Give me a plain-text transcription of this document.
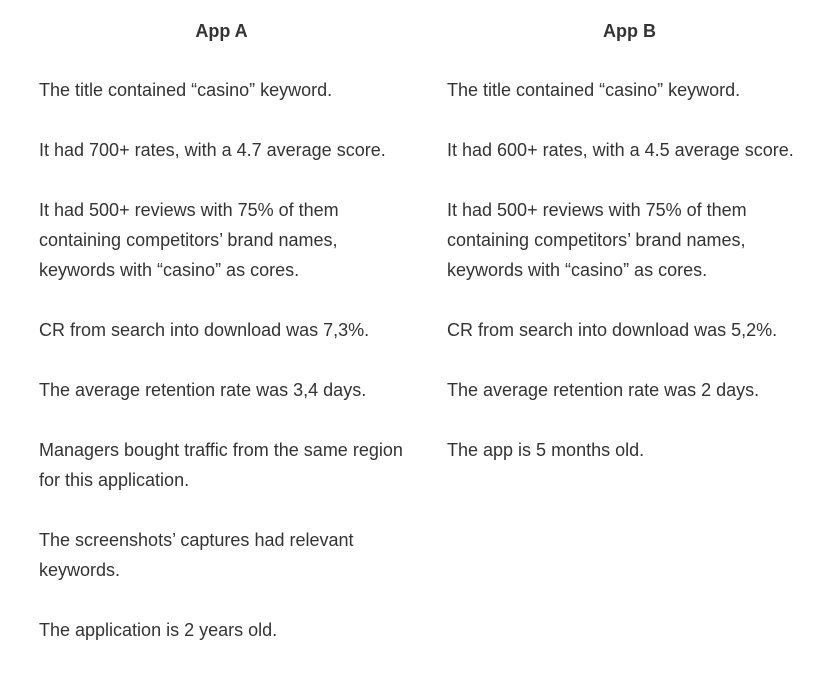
App A
The title contained “casino” keyword.
It had 700+ rates, with a 4.7 average score.
It had 500+ reviews with 75% of them containing competitors’ brand names, keywords with “casino” as cores.
CR from search into download was 7,3%.
The average retention rate was 3,4 days.
Managers bought traffic from the same region for this application.
The screenshots’ captures had relevant keywords.
The application is 2 years old.
App B
The title contained “casino” keyword.
It had 600+ rates, with a 4.5 average score.
It had 500+ reviews with 75% of them containing competitors’ brand names, keywords with “casino” as cores.
CR from search into download was 5,2%.
The average retention rate was 2 days.
The app is 5 months old.
